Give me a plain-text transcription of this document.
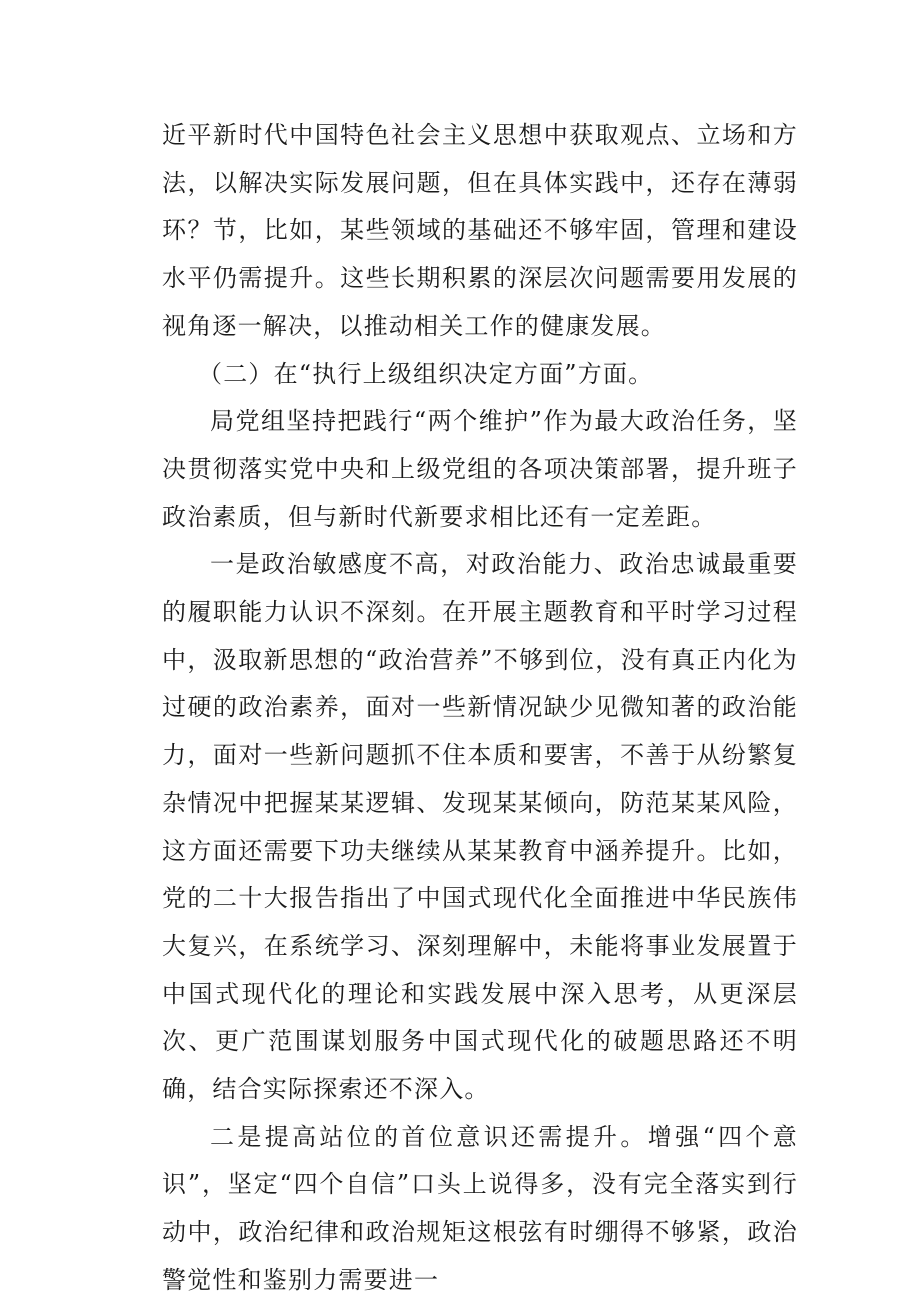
近平新时代中国特色社会主义思想中获取观点、立场和方法，以解决实际发展问题，但在具体实践中，还存在薄弱环？节，比如，某些领域的基础还不够牢固，管理和建设水平仍需提升。这些长期积累的深层次问题需要用发展的视角逐一解决，以推动相关工作的健康发展。

（二）在“执行上级组织决定方面”方面。

局党组坚持把践行“两个维护”作为最大政治任务，坚决贯彻落实党中央和上级党组的各项决策部署，提升班子政治素质，但与新时代新要求相比还有一定差距。

一是政治敏感度不高，对政治能力、政治忠诚最重要的履职能力认识不深刻。在开展主题教育和平时学习过程中，汲取新思想的“政治营养”不够到位，没有真正内化为过硬的政治素养，面对一些新情况缺少见微知著的政治能力，面对一些新问题抓不住本质和要害，不善于从纷繁复杂情况中把握某某逻辑、发现某某倾向，防范某某风险，这方面还需要下功夫继续从某某教育中涵养提升。比如，党的二十大报告指出了中国式现代化全面推进中华民族伟大复兴，在系统学习、深刻理解中，未能将事业发展置于中国式现代化的理论和实践发展中深入思考，从更深层次、更广范围谋划服务中国式现代化的破题思路还不明确，结合实际探索还不深入。

二是提高站位的首位意识还需提升。增强“四个意识”，坚定“四个自信”口头上说得多，没有完全落实到行动中，政治纪律和政治规矩这根弦有时绷得不够紧，政治警觉性和鉴别力需要进一
